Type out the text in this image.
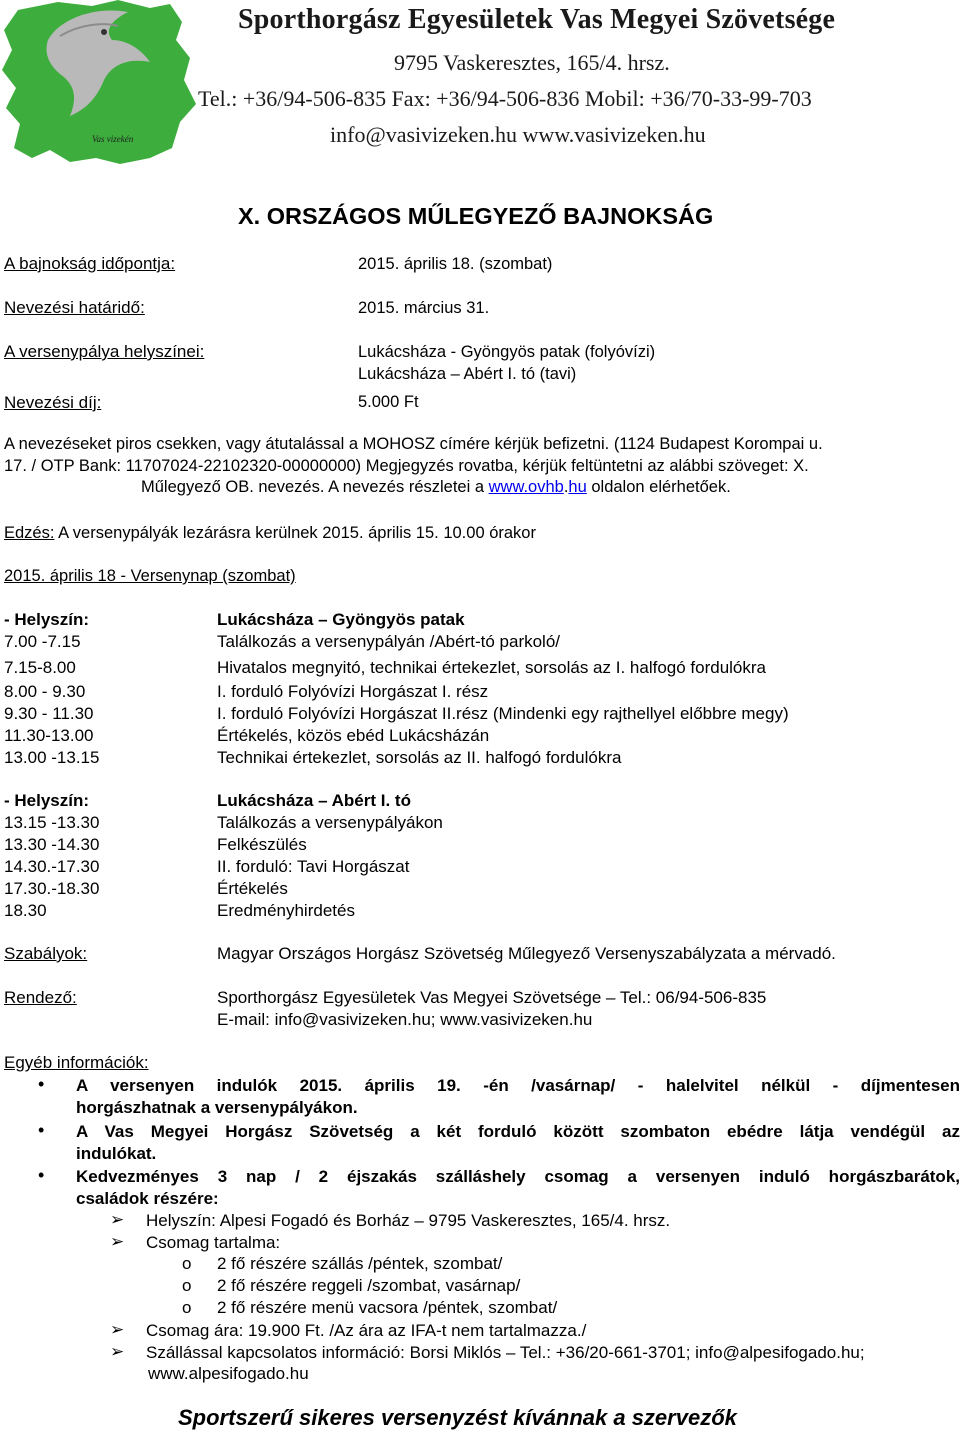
Vas vizekén
Sporthorgász Egyesületek Vas Megyei Szövetsége
9795 Vaskeresztes, 165/4. hrsz.
Tel.: +36/94-506-835 Fax: +36/94-506-836 Mobil: +36/70-33-99-703
info@vasivizeken.hu www.vasivizeken.hu
X. ORSZÁGOS MŰLEGYEZŐ BAJNOKSÁG
A bajnokság időpontja:	2015. április 18. (szombat)
Nevezési határidő:	2015. március 31.
A versenypálya helyszínei:	Lukácsháza - Gyöngyös patak (folyóvízi)
Lukácsháza – Abért I. tó (tavi)
Nevezési díj:	5.000 Ft
A nevezéseket piros csekken, vagy átutalással a MOHOSZ címére kérjük befizetni. (1124 Budapest Korompai u.
17. / OTP Bank: 11707024-22102320-00000000) Megjegyzés rovatba, kérjük feltüntetni az alábbi szöveget: X.
Műlegyező OB. nevezés. A nevezés részletei a www.ovhb.hu oldalon elérhetőek.
Edzés: A versenypályák lezárásra kerülnek 2015. április 15. 10.00 órakor
2015. április 18 - Versenynap (szombat)
- Helyszín:	Lukácsháza – Gyöngyös patak
7.00 -7.15	Találkozás a versenypályán /Abért-tó parkoló/
7.15-8.00	Hivatalos megnyitó, technikai értekezlet, sorsolás az I. halfogó fordulókra
8.00 - 9.30	I. forduló Folyóvízi Horgászat I. rész
9.30 - 11.30	I. forduló Folyóvízi Horgászat II.rész (Mindenki egy rajthellyel előbbre megy)
11.30-13.00	Értékelés, közös ebéd Lukácsházán
13.00 -13.15	Technikai értekezlet, sorsolás az II. halfogó fordulókra
- Helyszín:	Lukácsháza – Abért I. tó
13.15 -13.30	Találkozás a versenypályákon
13.30 -14.30	Felkészülés
14.30.-17.30	II. forduló: Tavi Horgászat
17.30.-18.30	Értékelés
18.30	Eredményhirdetés
Szabályok:	Magyar Országos Horgász Szövetség Műlegyező Versenyszabályzata a mérvadó.
Rendező:	Sporthorgász Egyesületek Vas Megyei Szövetsége – Tel.: 06/94-506-835
E-mail: info@vasivizeken.hu; www.vasivizeken.hu
Egyéb információk:
• A versenyen indulók 2015. április 19. -én /vasárnap/ - halelvitel nélkül - díjmentesen
horgászhatnak a versenypályákon.
• A Vas Megyei Horgász Szövetség a két forduló között szombaton ebédre látja vendégül az
indulókat.
• Kedvezményes 3 nap / 2 éjszakás szálláshely csomag a versenyen induló horgászbarátok,
családok részére:
➢ Helyszín: Alpesi Fogadó és Borház – 9795 Vaskeresztes, 165/4. hrsz.
➢ Csomag tartalma:
o 2 fő részére szállás /péntek, szombat/
o 2 fő részére reggeli /szombat, vasárnap/
o 2 fő részére menü vacsora /péntek, szombat/
➢ Csomag ára: 19.900 Ft. /Az ára az IFA-t nem tartalmazza./
➢ Szállással kapcsolatos információ: Borsi Miklós – Tel.: +36/20-661-3701; info@alpesifogado.hu;
www.alpesifogado.hu
Sportszerű sikeres versenyzést kívánnak a szervezők
